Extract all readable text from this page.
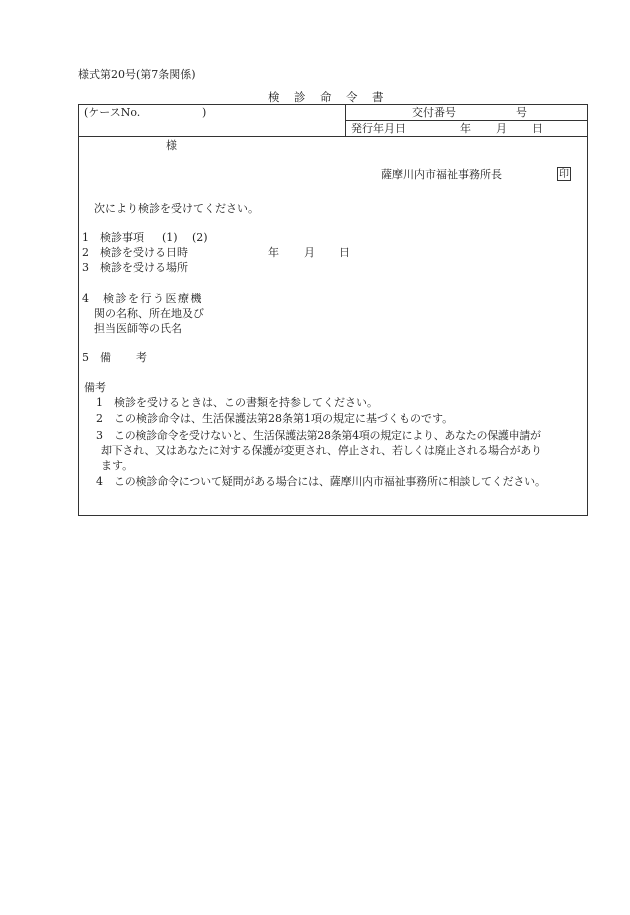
様式第20号(第7条関係)
検 診 命 令 書
(ケースNo.	)	交付番号	号
発行年月日	年 月 日
様
薩摩川内市福祉事務所長	印
次により検診を受けてください。
1 検診事項 (1) (2)
2 検診を受ける日時	年 月 日
3 検診を受ける場所
4 検診を行う医療機
関の名称、所在地及び
担当医師等の氏名
5 備 考
備考
1 検診を受けるときは、この書類を持参してください。
2 この検診命令は、生活保護法第28条第1項の規定に基づくものです。
3 この検診命令を受けないと、生活保護法第28条第4項の規定により、あなたの保護申請が
却下され、又はあなたに対する保護が変更され、停止され、若しくは廃止される場合があり
ます。
4 この検診命令について疑問がある場合には、薩摩川内市福祉事務所に相談してください。
